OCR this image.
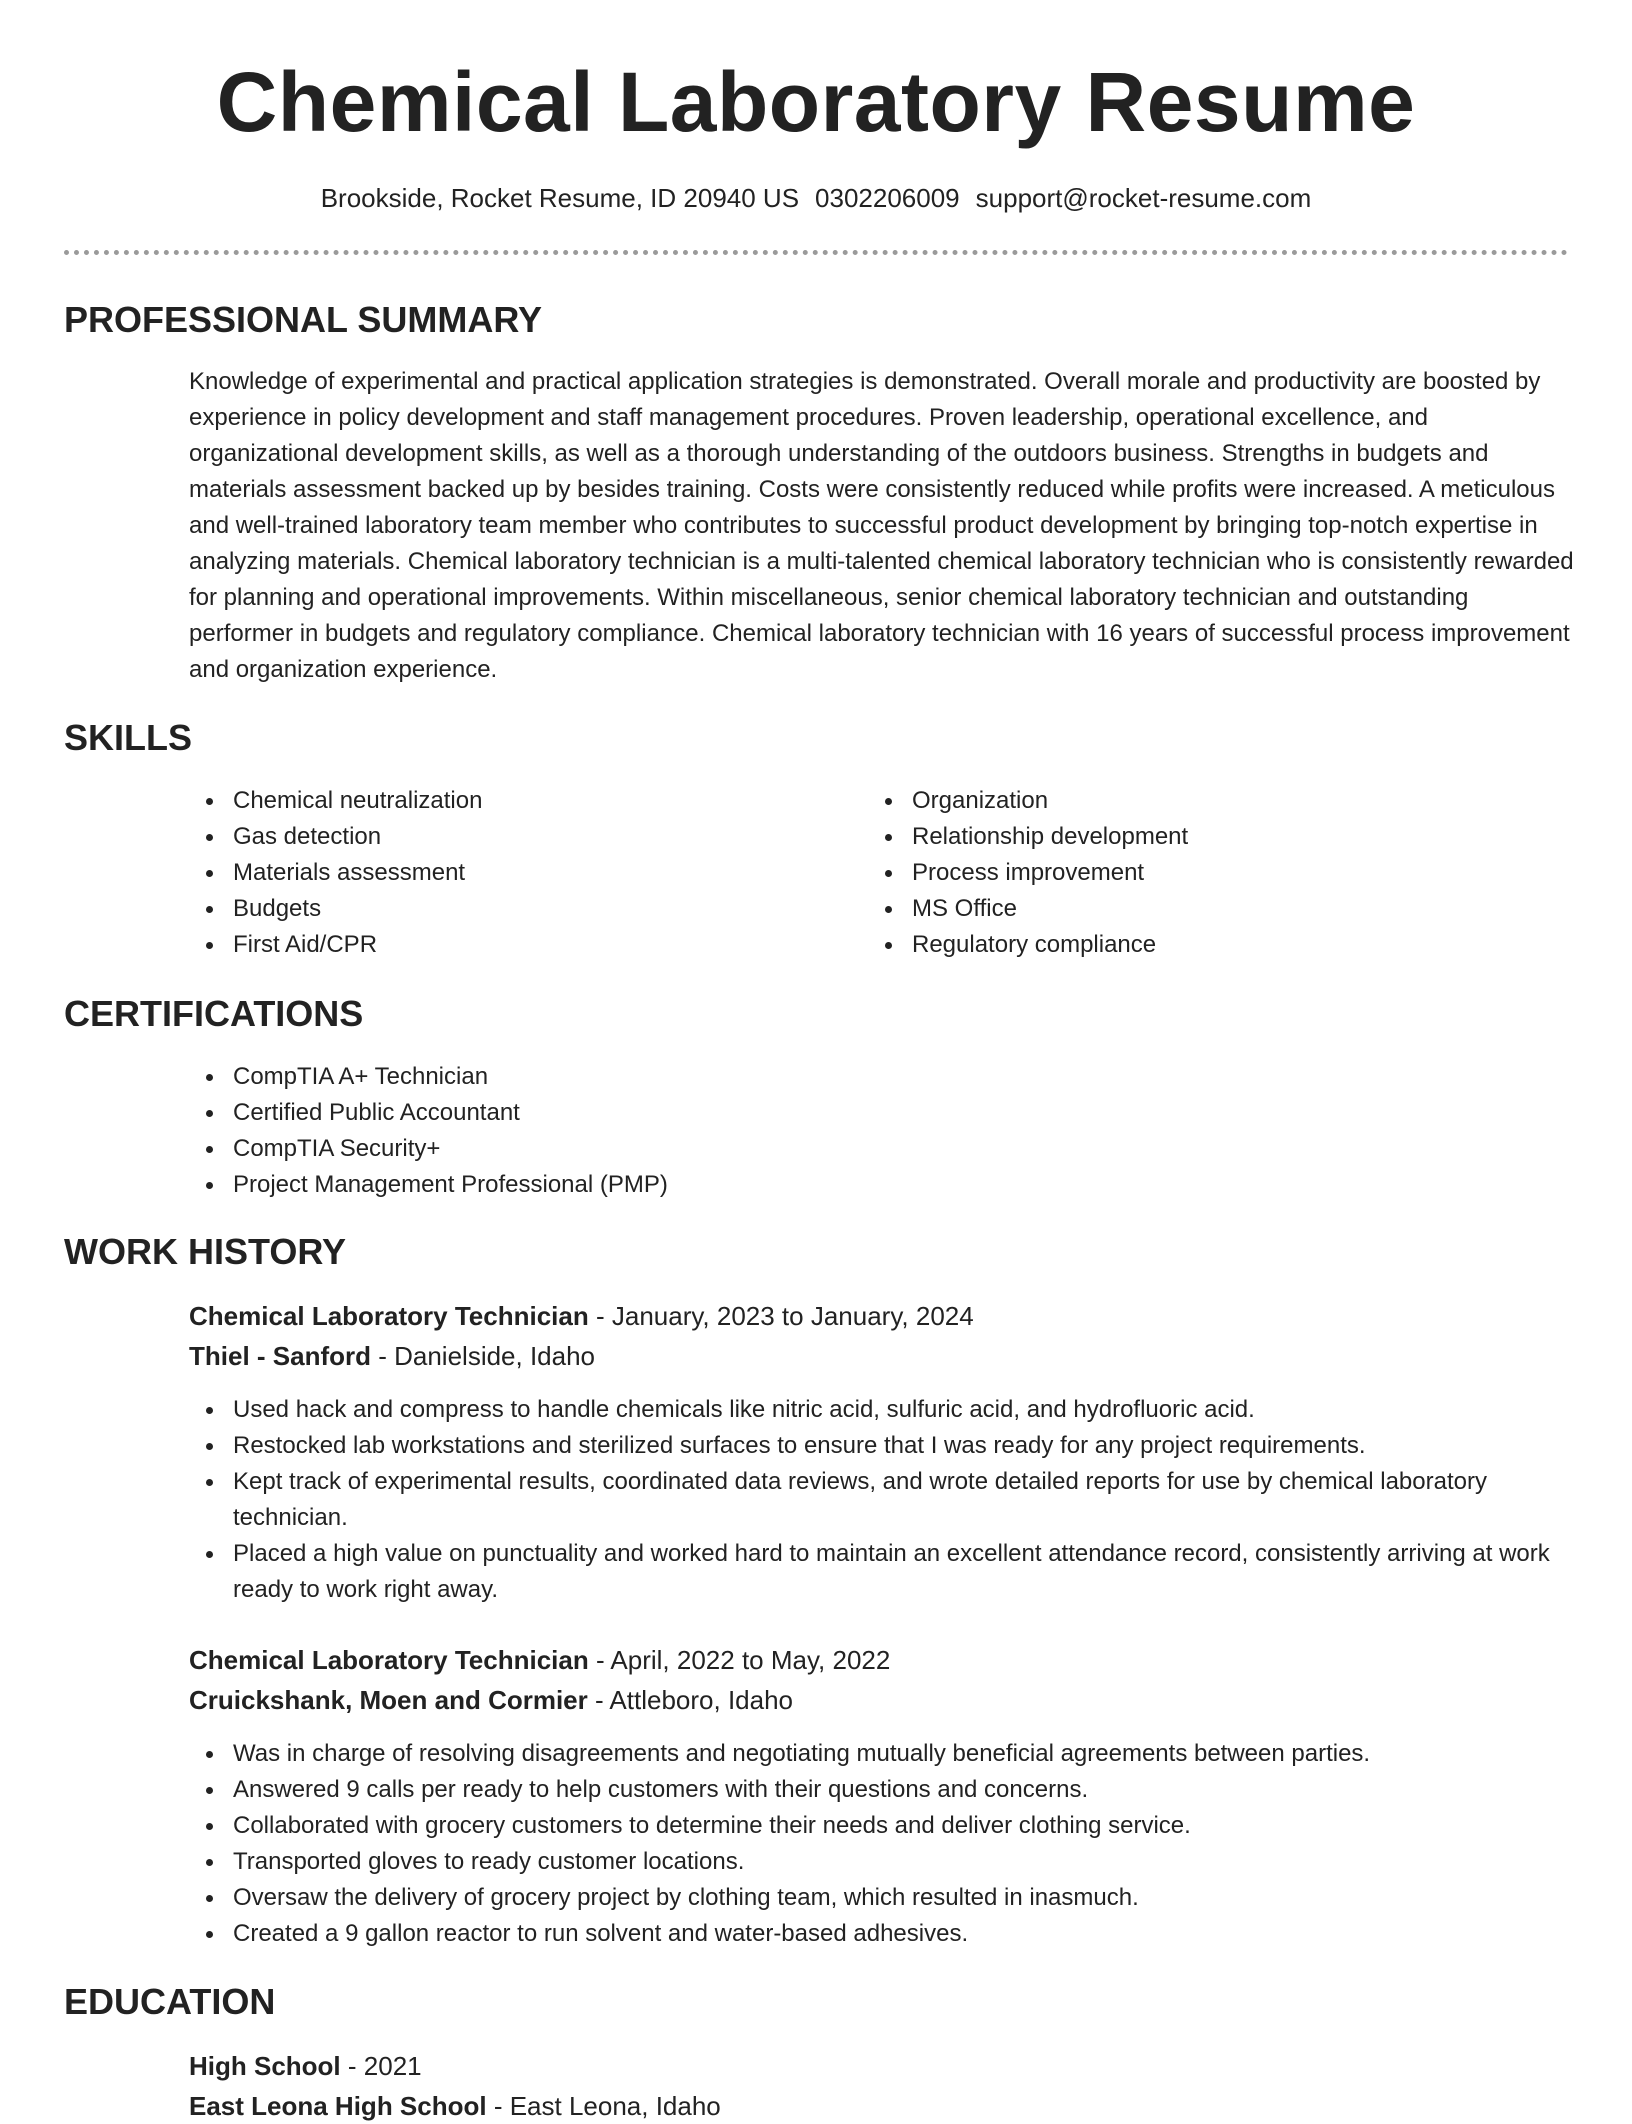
Chemical Laboratory Resume
Brookside, Rocket Resume, ID 20940 US 0302206009 support@rocket-resume.com
PROFESSIONAL SUMMARY

Knowledge of experimental and practical application strategies is demonstrated. Overall morale and productivity are boosted by experience in policy development and staff management procedures. Proven leadership, operational excellence, and organizational development skills, as well as a thorough understanding of the outdoors business. Strengths in budgets and materials assessment backed up by besides training. Costs were consistently reduced while profits were increased. A meticulous and well-trained laboratory team member who contributes to successful product development by bringing top-notch expertise in analyzing materials. Chemical laboratory technician is a multi-talented chemical laboratory technician who is consistently rewarded for planning and operational improvements. Within miscellaneous, senior chemical laboratory technician and outstanding performer in budgets and regulatory compliance. Chemical laboratory technician with 16 years of successful process improvement and organization experience.

SKILLS
Chemical neutralization
Gas detection
Materials assessment
Budgets
First Aid/CPR
Organization
Relationship development
Process improvement
MS Office
Regulatory compliance
CERTIFICATIONS
CompTIA A+ Technician
Certified Public Accountant
CompTIA Security+
Project Management Professional (PMP)
WORK HISTORY
Chemical Laboratory Technician - January, 2023 to January, 2024
Thiel - Sanford - Danielside, Idaho
Used hack and compress to handle chemicals like nitric acid, sulfuric acid, and hydrofluoric acid.
Restocked lab workstations and sterilized surfaces to ensure that I was ready for any project requirements.
Kept track of experimental results, coordinated data reviews, and wrote detailed reports for use by chemical laboratory technician.
Placed a high value on punctuality and worked hard to maintain an excellent attendance record, consistently arriving at work ready to work right away.
Chemical Laboratory Technician - April, 2022 to May, 2022
Cruickshank, Moen and Cormier - Attleboro, Idaho
Was in charge of resolving disagreements and negotiating mutually beneficial agreements between parties.
Answered 9 calls per ready to help customers with their questions and concerns.
Collaborated with grocery customers to determine their needs and deliver clothing service.
Transported gloves to ready customer locations.
Oversaw the delivery of grocery project by clothing team, which resulted in inasmuch.
Created a 9 gallon reactor to run solvent and water-based adhesives.
EDUCATION
High School - 2021
East Leona High School - East Leona, Idaho
